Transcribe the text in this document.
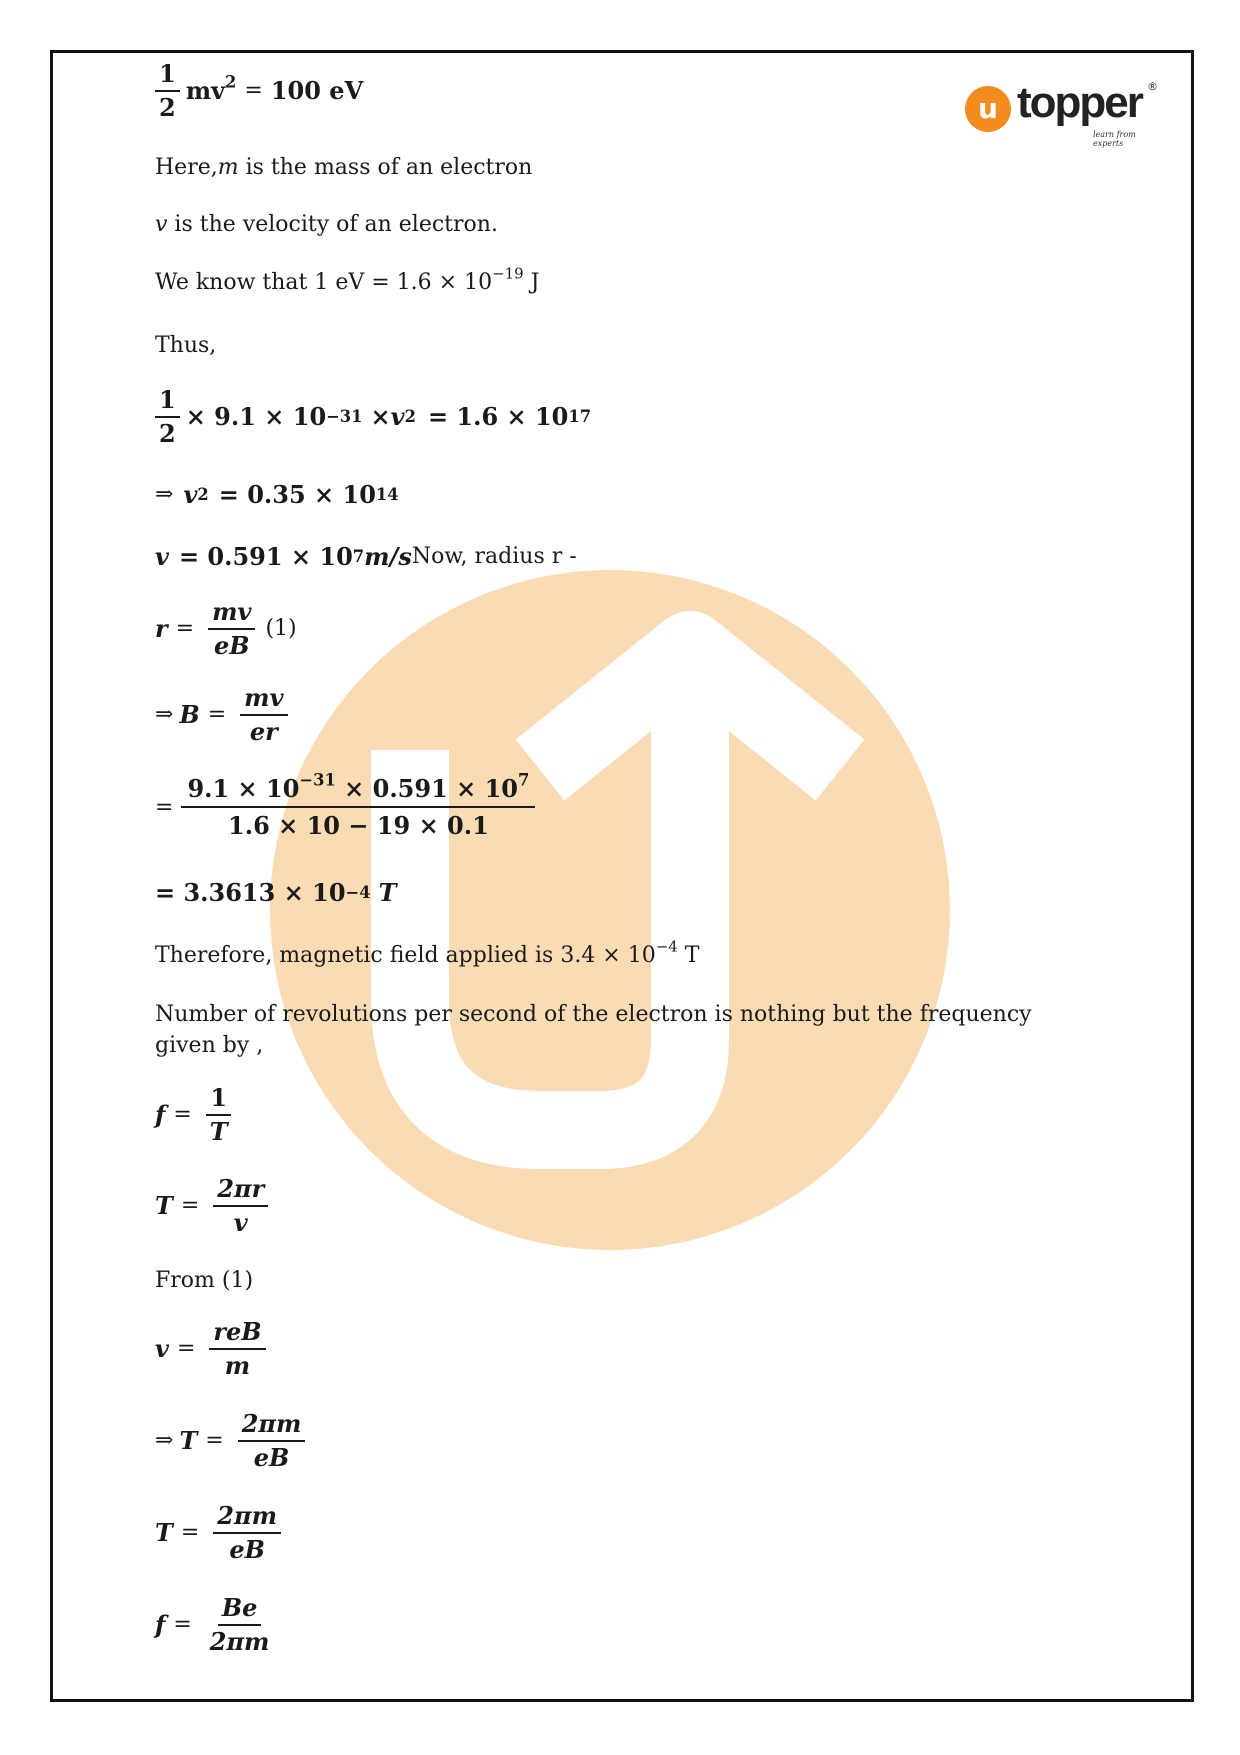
u topper ®
learn from experts
$\frac{1}{2} mv^2 = 100$ eV
Here,m is the mass of an electron
v is the velocity of an electron.
We know that 1 eV = $1.6 \times 10^{-19}$ J
Thus,
$\frac{1}{2} \times 9.1 \times 10 -31 \times v$ 2 = 1.6 × 10 17
⇒ v 2 = 0.35 × 10 14
v = 0.591 × 10 7 m/s Now, radius r -
$r = \frac{mv}{eB} (1)$
⇒ $B = \frac{mv}{er}$
= $\frac{9.1 \times 10^{-31} \times 0.591 \times 10^7}{1.6 \times 10 - 19 \times 0.1}$
= 3.3613 × 10 −4 T
Therefore, magnetic field applied is $3.4 \times 10^{-4}$ T
Number of revolutions per second of the electron is nothing but the frequency
given by ,
$f = \frac{1}{T}$
$T = \frac{2\pi r}{v}$
From (1)
$v = \frac{\text{reB}}{m}$
⇒ $T = \frac{2\pi m}{eB}$
$T = \frac{2\pi m}{eB}$
$f = \frac{Be}{2\pi m}$
